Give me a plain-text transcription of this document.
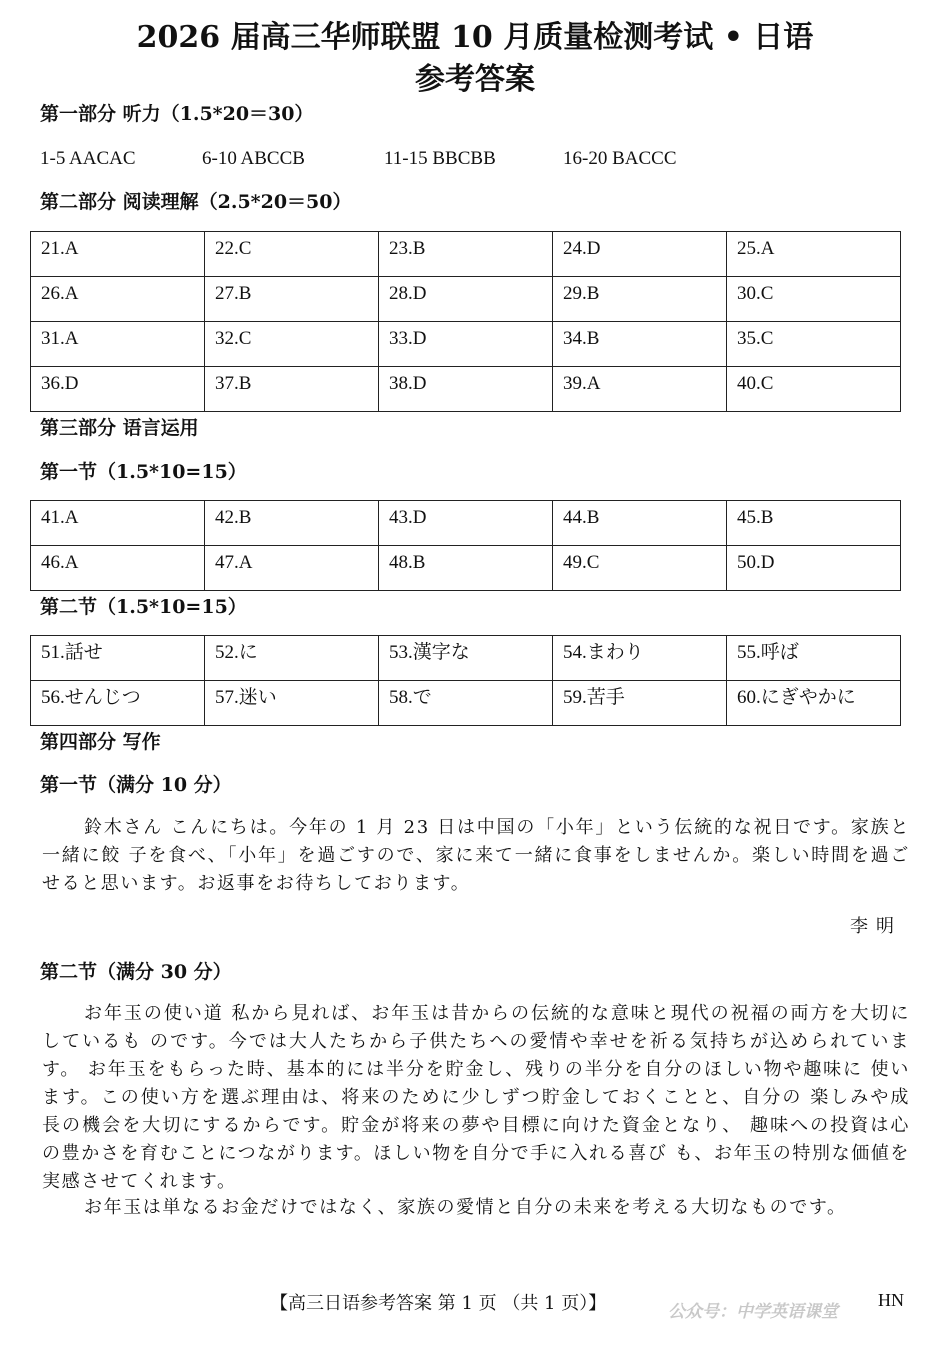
2026 届高三华师联盟 10 月质量检测考试 • 日语
参考答案
第一部分 听力（1.5*20＝30）
1-5 AACAC	6-10 ABCCB	11-15 BBCBB	16-20 BACCC
第二部分 阅读理解（2.5*20＝50）
21.A	22.C	23.B	24.D	25.A
26.A	27.B	28.D	29.B	30.C
31.A	32.C	33.D	34.B	35.C
36.D	37.B	38.D	39.A	40.C
第三部分 语言运用
第一节（1.5*10=15）
41.A	42.B	43.D	44.B	45.B
46.A	47.A	48.B	49.C	50.D
第二节（1.5*10=15）
51.話せ	52.に	53.漢字な	54.まわり	55.呼ば
56.せんじつ	57.迷い	58.で	59.苦手	60.にぎやかに
第四部分 写作
第一节（满分 10 分）

鈴木さん こんにちは。今年の 1 月 23 日は中国の「小年」という伝統的な祝日です。家族と一緒に餃 子を食べ、「小年」を過ごすので、家に来て一緒に食事をしませんか。楽しい時間を過ご せると思います。お返事をお待ちしております。

李明
第二节（满分 30 分）

お年玉の使い道 私から見れば、お年玉は昔からの伝統的な意味と現代の祝福の両方を大切にしているも のです。今では大人たちから子供たちへの愛情や幸せを祈る気持ちが込められています。 お年玉をもらった時、基本的には半分を貯金し、残りの半分を自分のほしい物や趣味に 使います。この使い方を選ぶ理由は、将来のために少しずつ貯金しておくことと、自分の 楽しみや成長の機会を大切にするからです。貯金が将来の夢や目標に向けた資金となり、 趣味への投資は心の豊かさを育むことにつながります。ほしい物を自分で手に入れる喜び も、お年玉の特別な価値を実感させてくれます。

お年玉は単なるお金だけではなく、家族の愛情と自分の未来を考える大切なものです。

【高三日语参考答案 第 1 页 （共 1 页）】	公众号：中学英语课堂
HN
